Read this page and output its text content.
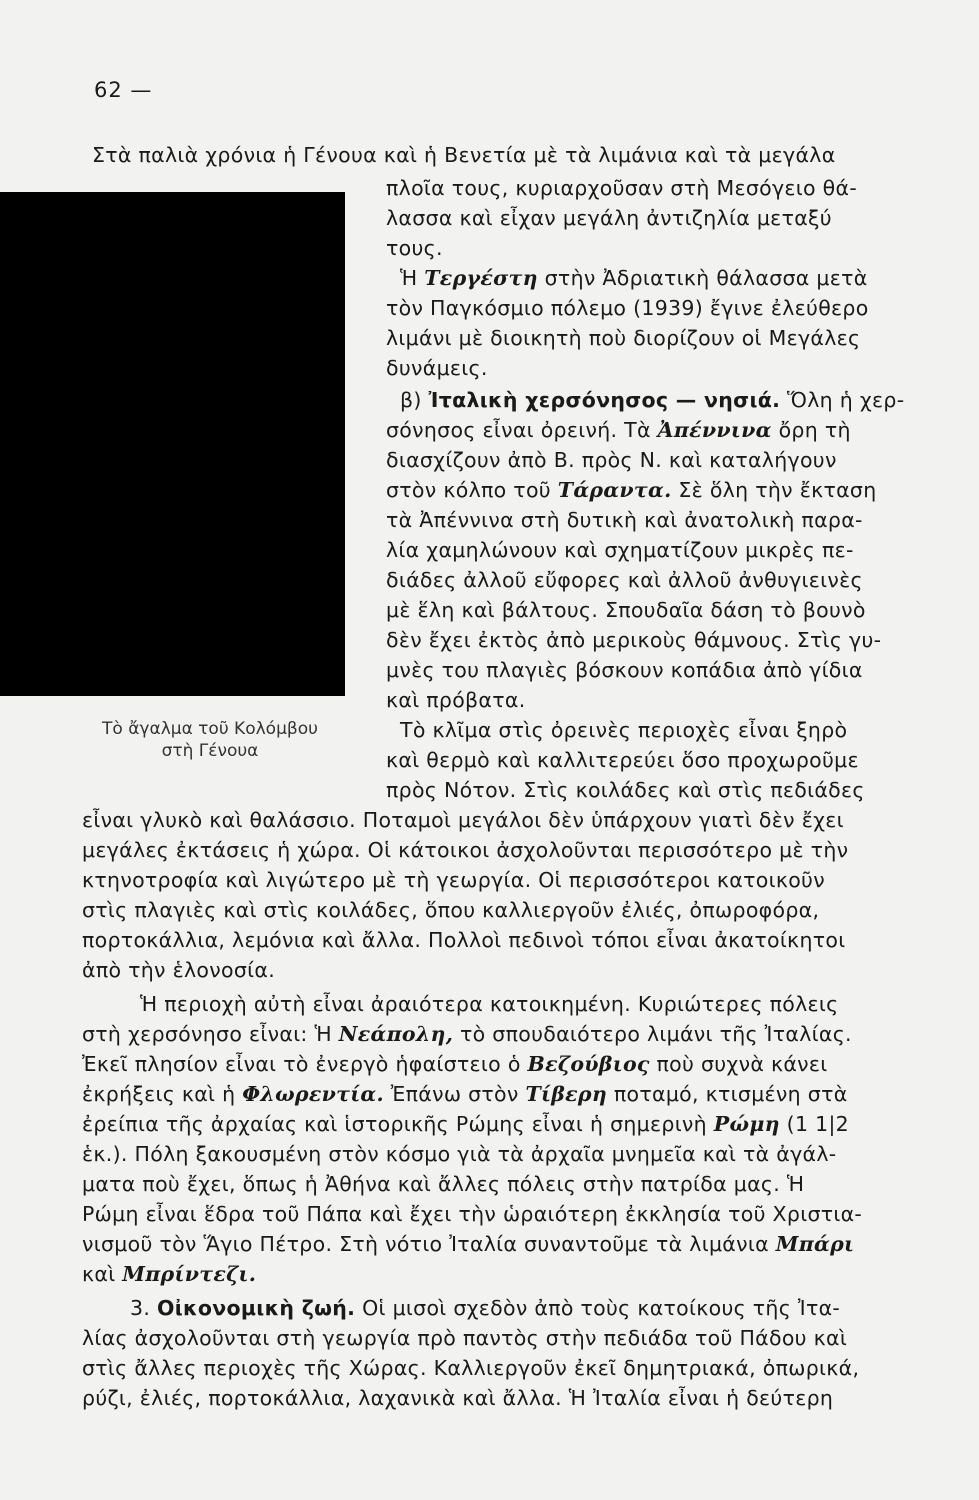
62 —
Τὸ ἄγαλμα τοῦ Κολόμβου
στὴ Γένουα
Στὰ παλιὰ χρόνια ἡ Γένουα καὶ ἡ Βενετία μὲ τὰ λιμάνια καὶ τὰ μεγάλα
πλοῖα τους, κυριαρχοῦσαν στὴ Μεσόγειο θά-
λασσα καὶ εἶχαν μεγάλη ἀντιζηλία μεταξύ
τους.
Ἡ Τεργέστη στὴν Ἀδριατικὴ θάλασσα μετὰ
τὸν Παγκόσμιο πόλεμο (1939) ἔγινε ἐλεύθερο
λιμάνι μὲ διοικητὴ ποὺ διορίζουν οἱ Μεγάλες
δυνάμεις.
β) Ἰταλικὴ χερσόνησος — νησιά. Ὅλη ἡ χερ-
σόνησος εἶναι ὀρεινή. Τὰ Ἀπέννινα ὄρη τὴ
διασχίζουν ἀπὸ Β. πρὸς Ν. καὶ καταλήγουν
στὸν κόλπο τοῦ Τάραντα. Σὲ ὅλη τὴν ἔκταση
τὰ Ἀπέννινα στὴ δυτικὴ καὶ ἀνατολικὴ παρα-
λία χαμηλώνουν καὶ σχηματίζουν μικρὲς πε-
διάδες ἀλλοῦ εὔφορες καὶ ἀλλοῦ ἀνθυγιεινὲς
μὲ ἕλη καὶ βάλτους. Σπουδαῖα δάση τὸ βουνὸ
δὲν ἔχει ἐκτὸς ἀπὸ μερικοὺς θάμνους. Στὶς γυ-
μνὲς του πλαγιὲς βόσκουν κοπάδια ἀπὸ γίδια
καὶ πρόβατα.
Τὸ κλῖμα στὶς ὀρεινὲς περιοχὲς εἶναι ξηρὸ
καὶ θερμὸ καὶ καλλιτερεύει ὅσο προχωροῦμε
πρὸς Νότον. Στὶς κοιλάδες καὶ στὶς πεδιάδες
εἶναι γλυκὸ καὶ θαλάσσιο. Ποταμοὶ μεγάλοι δὲν ὑπάρχουν γιατὶ δὲν ἔχει
μεγάλες ἐκτάσεις ἡ χώρα. Οἱ κάτοικοι ἀσχολοῦνται περισσότερο μὲ τὴν
κτηνοτροφία καὶ λιγώτερο μὲ τὴ γεωργία. Οἱ περισσότεροι κατοικοῦν
στὶς πλαγιὲς καὶ στὶς κοιλάδες, ὅπου καλλιεργοῦν ἐλιές, ὀπωροφόρα,
πορτοκάλλια, λεμόνια καὶ ἄλλα. Πολλοὶ πεδινοὶ τόποι εἶναι ἀκατοίκητοι
ἀπὸ τὴν ἑλονοσία.
Ἡ περιοχὴ αὐτὴ εἶναι ἀραιότερα κατοικημένη. Κυριώτερες πόλεις
στὴ χερσόνησο εἶναι: Ἡ Νεάπολη, τὸ σπουδαιότερο λιμάνι τῆς Ἰταλίας.
Ἐκεῖ πλησίον εἶναι τὸ ἐνεργὸ ἡφαίστειο ὁ Βεζούβιος ποὺ συχνὰ κάνει
ἐκρήξεις καὶ ἡ Φλωρεντία. Ἐπάνω στὸν Τίβερη ποταμό, κτισμένη στὰ
ἐρείπια τῆς ἀρχαίας καὶ ἱστορικῆς Ρώμης εἶναι ἡ σημερινὴ Ρώμη (1 1|2
ἑκ.). Πόλη ξακουσμένη στὸν κόσμο γιὰ τὰ ἀρχαῖα μνημεῖα καὶ τὰ ἀγάλ-
ματα ποὺ ἔχει, ὅπως ἡ Ἀθήνα καὶ ἄλλες πόλεις στὴν πατρίδα μας. Ἡ
Ρώμη εἶναι ἕδρα τοῦ Πάπα καὶ ἔχει τὴν ὡραιότερη ἐκκλησία τοῦ Χριστια-
νισμοῦ τὸν Ἅγιο Πέτρο. Στὴ νότιο Ἰταλία συναντοῦμε τὰ λιμάνια Μπάρι
καὶ Μπρίντεζι.
3. Οἰκονομικὴ ζωή. Οἱ μισοὶ σχεδὸν ἀπὸ τοὺς κατοίκους τῆς Ἰτα-
λίας ἀσχολοῦνται στὴ γεωργία πρὸ παντὸς στὴν πεδιάδα τοῦ Πάδου καὶ
στὶς ἄλλες περιοχὲς τῆς Χώρας. Καλλιεργοῦν ἐκεῖ δημητριακά, ὀπωρικά,
ρύζι, ἐλιές, πορτοκάλλια, λαχανικὰ καὶ ἄλλα. Ἡ Ἰταλία εἶναι ἡ δεύτερη
